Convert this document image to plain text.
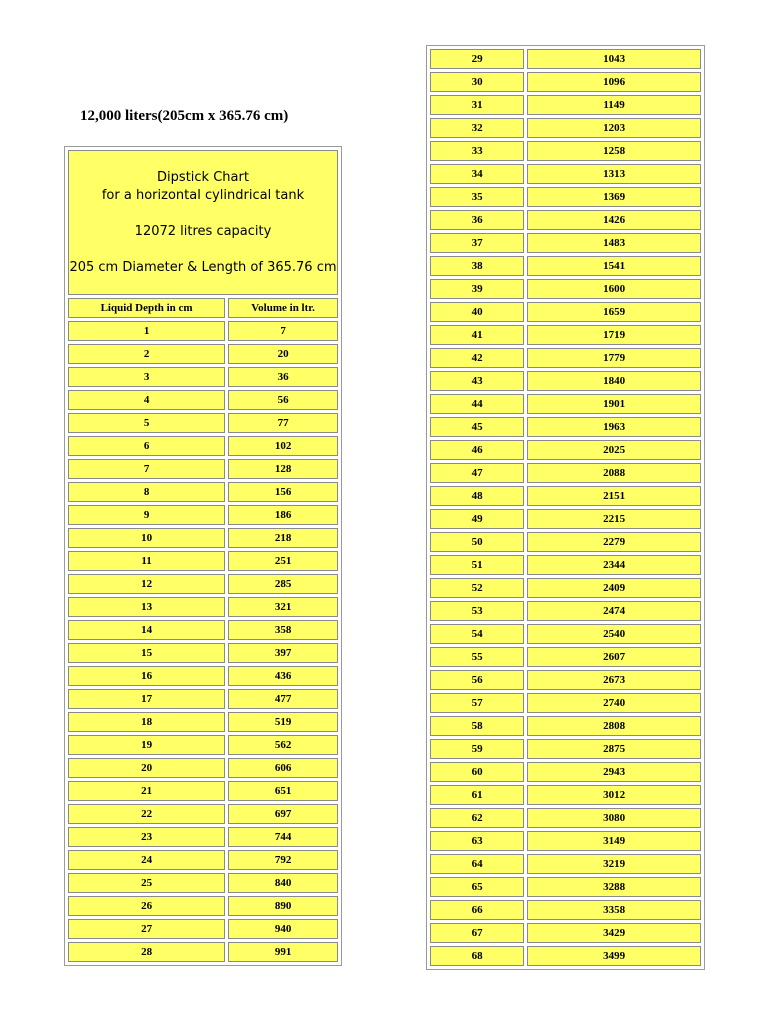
12,000 liters(205cm x 365.76 cm)
Dipstick Chart
for a horizontal cylindrical tank
12072 litres capacity
205 cm Diameter & Length of 365.76 cm	

Liquid Depth in cm	Volume in ltr.
1	7
2	20
3	36
4	56
5	77
6	102
7	128
8	156
9	186
10	218
11	251
12	285
13	321
14	358
15	397
16	436
17	477
18	519
19	562
20	606
21	651
22	697
23	744
24	792
25	840
26	890
27	940
28	991
29	1043
30	1096
31	1149
32	1203
33	1258
34	1313
35	1369
36	1426
37	1483
38	1541
39	1600
40	1659
41	1719
42	1779
43	1840
44	1901
45	1963
46	2025
47	2088
48	2151
49	2215
50	2279
51	2344
52	2409
53	2474
54	2540
55	2607
56	2673
57	2740
58	2808
59	2875
60	2943
61	3012
62	3080
63	3149
64	3219
65	3288
66	3358
67	3429
68	3499
